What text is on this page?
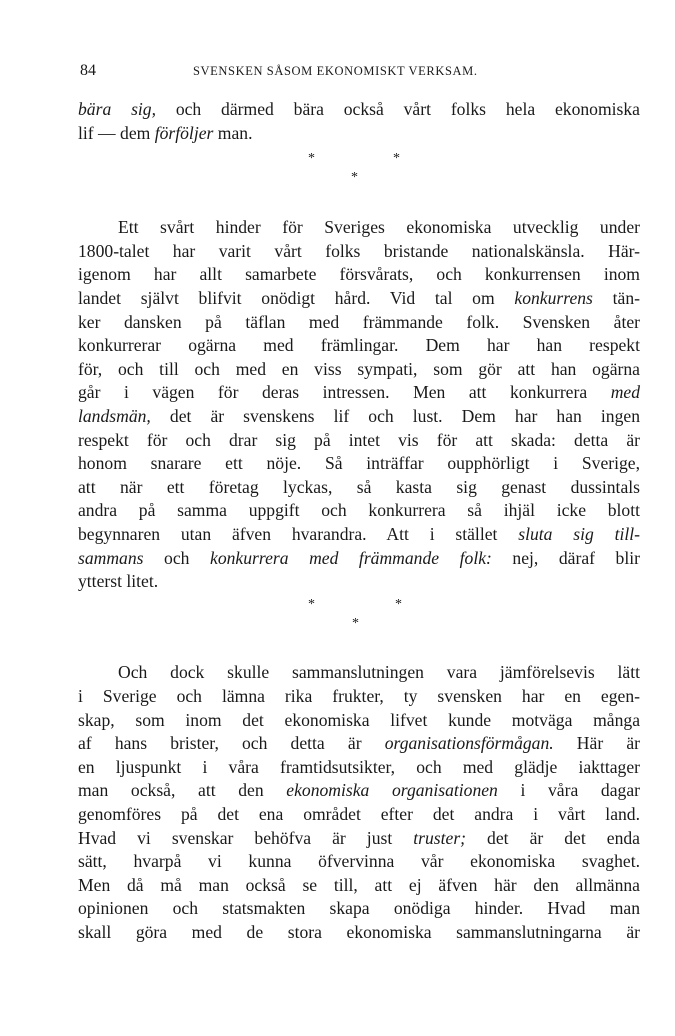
84	SVENSKEN SÅSOM EKONOMISKT VERKSAM.
bära sig, och därmed bära också vårt folks hela ekonomiska
lif — dem förföljer man.
*	*
*
Ett svårt hinder för Sveriges ekonomiska utvecklig under
1800-talet har varit vårt folks bristande nationalskänsla. Här-
igenom har allt samarbete försvårats, och konkurrensen inom
landet självt blifvit onödigt hård. Vid tal om konkurrens tän-
ker dansken på täflan med främmande folk. Svensken åter
konkurrerar ogärna med främlingar. Dem har han respekt
för, och till och med en viss sympati, som gör att han ogärna
går i vägen för deras intressen. Men att konkurrera med
landsmän, det är svenskens lif och lust. Dem har han ingen
respekt för och drar sig på intet vis för att skada: detta är
honom snarare ett nöje. Så inträffar oupphörligt i Sverige,
att när ett företag lyckas, så kasta sig genast dussintals
andra på samma uppgift och konkurrera så ihjäl icke blott
begynnaren utan äfven hvarandra. Att i stället sluta sig till-
sammans och konkurrera med främmande folk: nej, däraf blir
ytterst litet.
*	*
*
Och dock skulle sammanslutningen vara jämförelsevis lätt
i Sverige och lämna rika frukter, ty svensken har en egen-
skap, som inom det ekonomiska lifvet kunde motväga många
af hans brister, och detta är organisationsförmågan. Här är
en ljuspunkt i våra framtidsutsikter, och med glädje iakttager
man också, att den ekonomiska organisationen i våra dagar
genomföres på det ena området efter det andra i vårt land.
Hvad vi svenskar behöfva är just truster; det är det enda
sätt, hvarpå vi kunna öfvervinna vår ekonomiska svaghet.
Men då må man också se till, att ej äfven här den allmänna
opinionen och statsmakten skapa onödiga hinder. Hvad man
skall göra med de stora ekonomiska sammanslutningarna är
